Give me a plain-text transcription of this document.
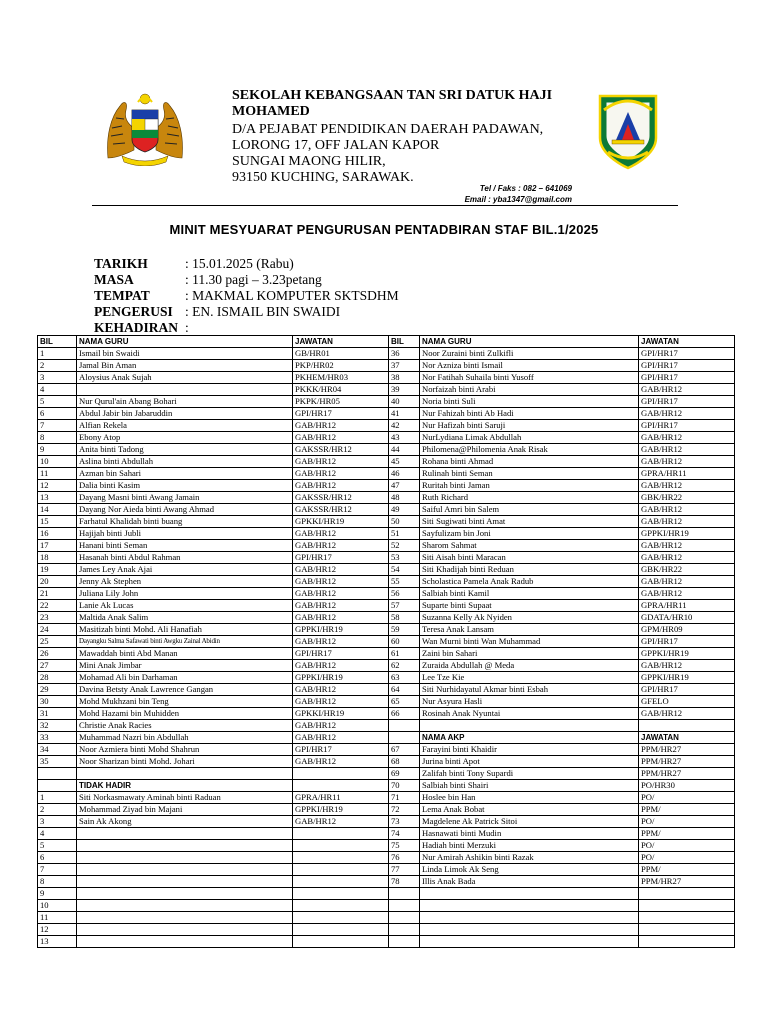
SEKOLAH KEBANGSAAN TAN SRI DATUK HAJI
MOHAMED
D/A PEJABAT PENDIDIKAN DAERAH PADAWAN,
LORONG 17, OFF JALAN KAPOR
SUNGAI MAONG HILIR,
93150 KUCHING, SARAWAK.
Tel / Faks : 082 – 641069
Email : yba1347@gmail.com
MINIT MESYUARAT PENGURUSAN PENTADBIRAN STAF BIL.1/2025
TARIKH	: 15.01.2025 (Rabu)
MASA	: 11.30 pagi – 3.23petang
TEMPAT	: MAKMAL KOMPUTER SKTSDHM
PENGERUSI : EN. ISMAIL BIN SWAIDI
KEHADIRAN :
BIL	NAMA GURU	JAWATAN	BIL	NAMA GURU	JAWATAN
1	Ismail bin Swaidi	GB/HR01	36	Noor Zuraini binti Zulkifli	GPI/HR17
2	Jamal Bin Aman	PKP/HR02	37	Nor Azniza binti Ismail	GPI/HR17
3	Aloysius Anak Sujah	PKHEM/HR03	38	Nor Fatihah Suhaila binti Yusoff	GPI/HR17
4		PKKK/HR04	39	Norfaizah binti Arabi	GAB/HR12
5	Nur Qurul'ain Abang Bohari	PKPK/HR05	40	Noria binti Suli	GPI/HR17
6	Abdul Jabir bin Jabaruddin	GPI/HR17	41	Nur Fahizah binti Ab Hadi	GAB/HR12
7	Alfian Rekela	GAB/HR12	42	Nur Hafizah binti Saruji	GPI/HR17
8	Ebony Atop	GAB/HR12	43	NurLydiana Limak Abdullah	GAB/HR12
9	Anita binti Tadong	GAKSSR/HR12	44	Philomena@Philomenia Anak Risak	GAB/HR12
10	Aslina binti Abdullah	GAB/HR12	45	Rohana binti Ahmad	GAB/HR12
11	Azman bin Sahari	GAB/HR12	46	Rulinah binti Seman	GPRA/HR11
12	Dalia binti Kasim	GAB/HR12	47	Ruritah binti Jaman	GAB/HR12
13	Dayang Masni binti Awang Jamain	GAKSSR/HR12	48	Ruth Richard	GBK/HR22
14	Dayang Nor Aieda binti Awang Ahmad	GAKSSR/HR12	49	Saiful Amri bin Salem	GAB/HR12
15	Farhatul Khalidah binti buang	GPKKI/HR19	50	Siti Sugiwati binti Amat	GAB/HR12
16	Hajijah binti Jubli	GAB/HR12	51	Sayfulizam bin Joni	GPPKI/HR19
17	Hanani binti Seman	GAB/HR12	52	Sharom Sahmat	GAB/HR12
18	Hasanah binti Abdul Rahman	GPI/HR17	53	Siti Aisah binti Maracan	GAB/HR12
19	James Ley Anak Ajai	GAB/HR12	54	Siti Khadijah binti Reduan	GBK/HR22
20	Jenny Ak Stephen	GAB/HR12	55	Scholastica Pamela Anak Radub	GAB/HR12
21	Juliana Lily John	GAB/HR12	56	Salbiah binti Kamil	GAB/HR12
22	Lanie Ak Lucas	GAB/HR12	57	Suparte binti Supaat	GPRA/HR11
23	Maltida Anak Salim	GAB/HR12	58	Suzanna Kelly Ak Nyiden	GDATA/HR10
24	Masitizah binti Mohd. Ali Hanafiah	GPPKI/HR19	59	Teresa Anak Lansam	GPM/HR09
25	Dayangku Salma Safawati binti Awgku Zainal Abidin	GAB/HR12	60	Wan Murni binti Wan Muhammad	GPI/HR17
26	Mawaddah binti Abd Manan	GPI/HR17	61	Zaini bin Sahari	GPPKI/HR19
27	Mini Anak Jimbar	GAB/HR12	62	Zuraida Abdullah @ Meda	GAB/HR12
28	Mohamad Ali bin Darhaman	GPPKI/HR19	63	Lee Tze Kie	GPPKI/HR19
29	Davina Betsty Anak Lawrence Gangan	GAB/HR12	64	Siti Nurhidayatul Akmar binti Esbah	GPI/HR17
30	Mohd Mukhzani bin Teng	GAB/HR12	65	Nur Asyura Hasli	GFELO
31	Mohd Hazami bin Muhidden	GPKKI/HR19	66	Rosinah Anak Nyuntai	GAB/HR12
32	Christie Anak Racies	GAB/HR12			
33	Muhammad Nazri bin Abdullah	GAB/HR12		NAMA AKP	JAWATAN
34	Noor Azmiera binti Mohd Shahrun	GPI/HR17	67	Farayini binti Khaidir	PPM/HR27
35	Noor Sharizan binti Mohd. Johari	GAB/HR12	68	Jurina binti Apot	PPM/HR27
			69	Zalifah binti Tony Supardi	PPM/HR27
	TIDAK HADIR		70	Salbiah binti Shairi	PO/HR30
1	Siti Norkasmawaty Aminah binti Raduan	GPRA/HR11	71	Hoslee bin Han	PO/
2	Mohammad Ziyad bin Majani	GPPKI/HR19	72	Lema Anak Bobat	PPM/
3	Sain Ak Akong	GAB/HR12	73	Magdelene Ak Patrick Sitoi	PO/
4			74	Hasnawati binti Mudin	PPM/
5			75	Hadiah binti Merzuki	PO/
6			76	Nur Amirah Ashikin binti Razak	PO/
7			77	Linda Limok Ak Seng	PPM/
8			78	Illis Anak Bada	PPM/HR27
9					
10					
11					
12					
13					
